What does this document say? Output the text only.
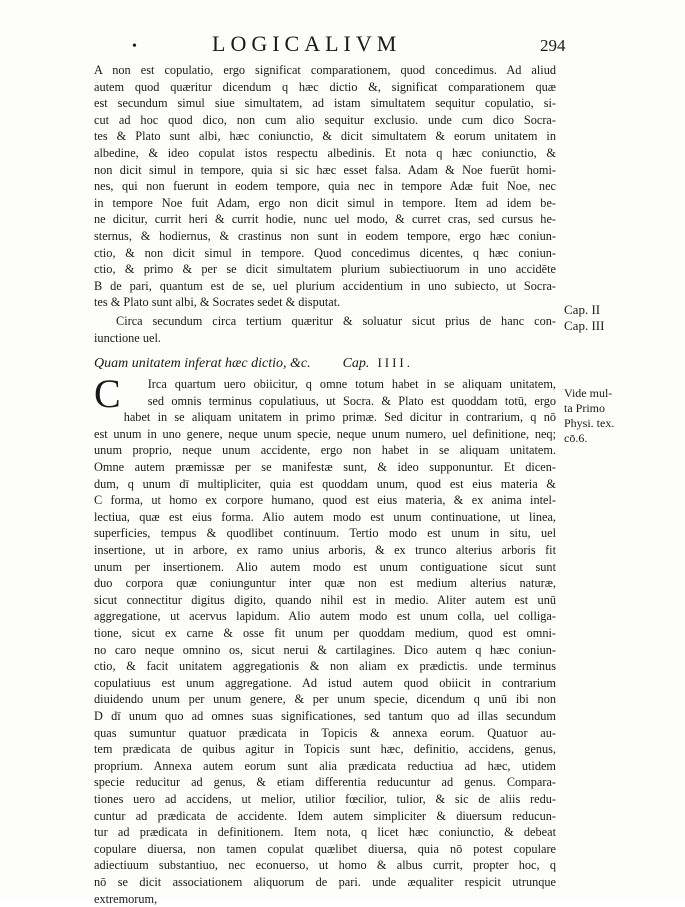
•	LOGICALIVM	294
A non est copulatio, ergo significat comparationem, quod concedimus. Ad aliud
autem quod quæritur dicendum q hæc dictio &, significat comparationem quæ
est secundum simul siue simultatem, ad istam simultatem sequitur copulatio, si-
cut ad hoc quod dico, non cum alio sequitur exclusio. unde cum dico Socra-
tes & Plato sunt albi, hæc coniunctio, & dicit simultatem & eorum unitatem in
albedine, & ideo copulat istos respectu albedinis. Et nota q hæc coniunctio, &
non dicit simul in tempore, quia si sic hæc esset falsa. Adam & Noe fuerūt homi-
nes, qui non fuerunt in eodem tempore, quia nec in tempore Adæ fuit Noe, nec
in tempore Noe fuit Adam, ergo non dicit simul in tempore. Item ad idem be-
ne dicitur, currit heri & currit hodie, nunc uel modo, & curret cras, sed cursus he-
sternus, & hodiernus, & crastinus non sunt in eodem tempore, ergo hæc coniun-
ctio, & non dicit simul in tempore. Quod concedimus dicentes, q hæc coniun-
ctio, & primo & per se dicit simultatem plurium subiectiuorum in uno accidēte
B de pari, quantum est de se, uel plurium accidentium in uno subiecto, ut Socra-
tes & Plato sunt albi, & Socrates sedet & disputat.
Circa secundum circa tertium quæritur & soluatur sicut prius de hanc con-
iunctione uel.
Quam unitatem inferat hæc dictio, &c. Cap. IIII.
C	Irca quartum uero obiicitur, q omne totum habet in se aliquam unitatem,
sed omnis terminus copulatiuus, ut Socra. & Plato est quoddam totū, ergo
habet in se aliquam unitatem in primo primæ. Sed dicitur in contrarium, q nō
est unum in uno genere, neque unum specie, neque unum numero, uel definitione, neq;
unum proprio, neque unum accidente, ergo non habet in se aliquam unitatem.
Omne autem præmissæ per se manifestæ sunt, & ideo supponuntur. Et dicen-
dum, q unum dī multipliciter, quia est quoddam unum, quod est eius materia &
C forma, ut homo ex corpore humano, quod est eius materia, & ex anima intel-
lectiua, quæ est eius forma. Alio autem modo est unum continuatione, ut linea,
superficies, tempus & quodlibet continuum. Tertio modo est unum in situ, uel
insertione, ut in arbore, ex ramo unius arboris, & ex trunco alterius arboris fit
unum per insertionem. Alio autem modo est unum contiguatione sicut sunt
duo corpora quæ coniunguntur inter quæ non est medium alterius naturæ,
sicut connectitur digitus digito, quando nihil est in medio. Aliter autem est unū
aggregatione, ut acervus lapidum. Alio autem modo est unum colla, uel colliga-
tione, sicut ex carne & osse fit unum per quoddam medium, quod est omni-
no caro neque omnino os, sicut nerui & cartilagines. Dico autem q hæc coniun-
ctio, & facit unitatem aggregationis & non aliam ex prædictis. unde terminus
copulatiuus est unum aggregatione. Ad istud autem quod obiicit in contrarium
diuidendo unum per unum genere, & per unum specie, dicendum q unū ibi non
D dī unum quo ad omnes suas significationes, sed tantum quo ad illas secundum
quas sumuntur quatuor prædicata in Topicis & annexa eorum. Quatuor au-
tem prædicata de quibus agitur in Topicis sunt hæc, definitio, accidens, genus,
proprium. Annexa autem eorum sunt alia prædicata reductiua ad hæc, utidem
specie reducitur ad genus, & etiam differentia reducuntur ad genus. Compara-
tiones uero ad accidens, ut melior, utilior fœcilior, tulior, & sic de aliis redu-
cuntur ad prædicata de accidente. Idem autem simpliciter & diuersum reducun-
tur ad prædicata in definitionem. Item nota, q licet hæc coniunctio, & debeat
copulare diuersa, non tamen copulat quælibet diuersa, quia nō potest copulare
adiectiuum substantiuo, nec econuerso, ut homo & albus currit, propter hoc, q
nō se dicit associationem aliquorum de pari. unde æqualiter respicit utrunque
extremorum,
Cap. II
Cap. III
Vide mul-
ta Primo
Physi. tex.
cō.6.
